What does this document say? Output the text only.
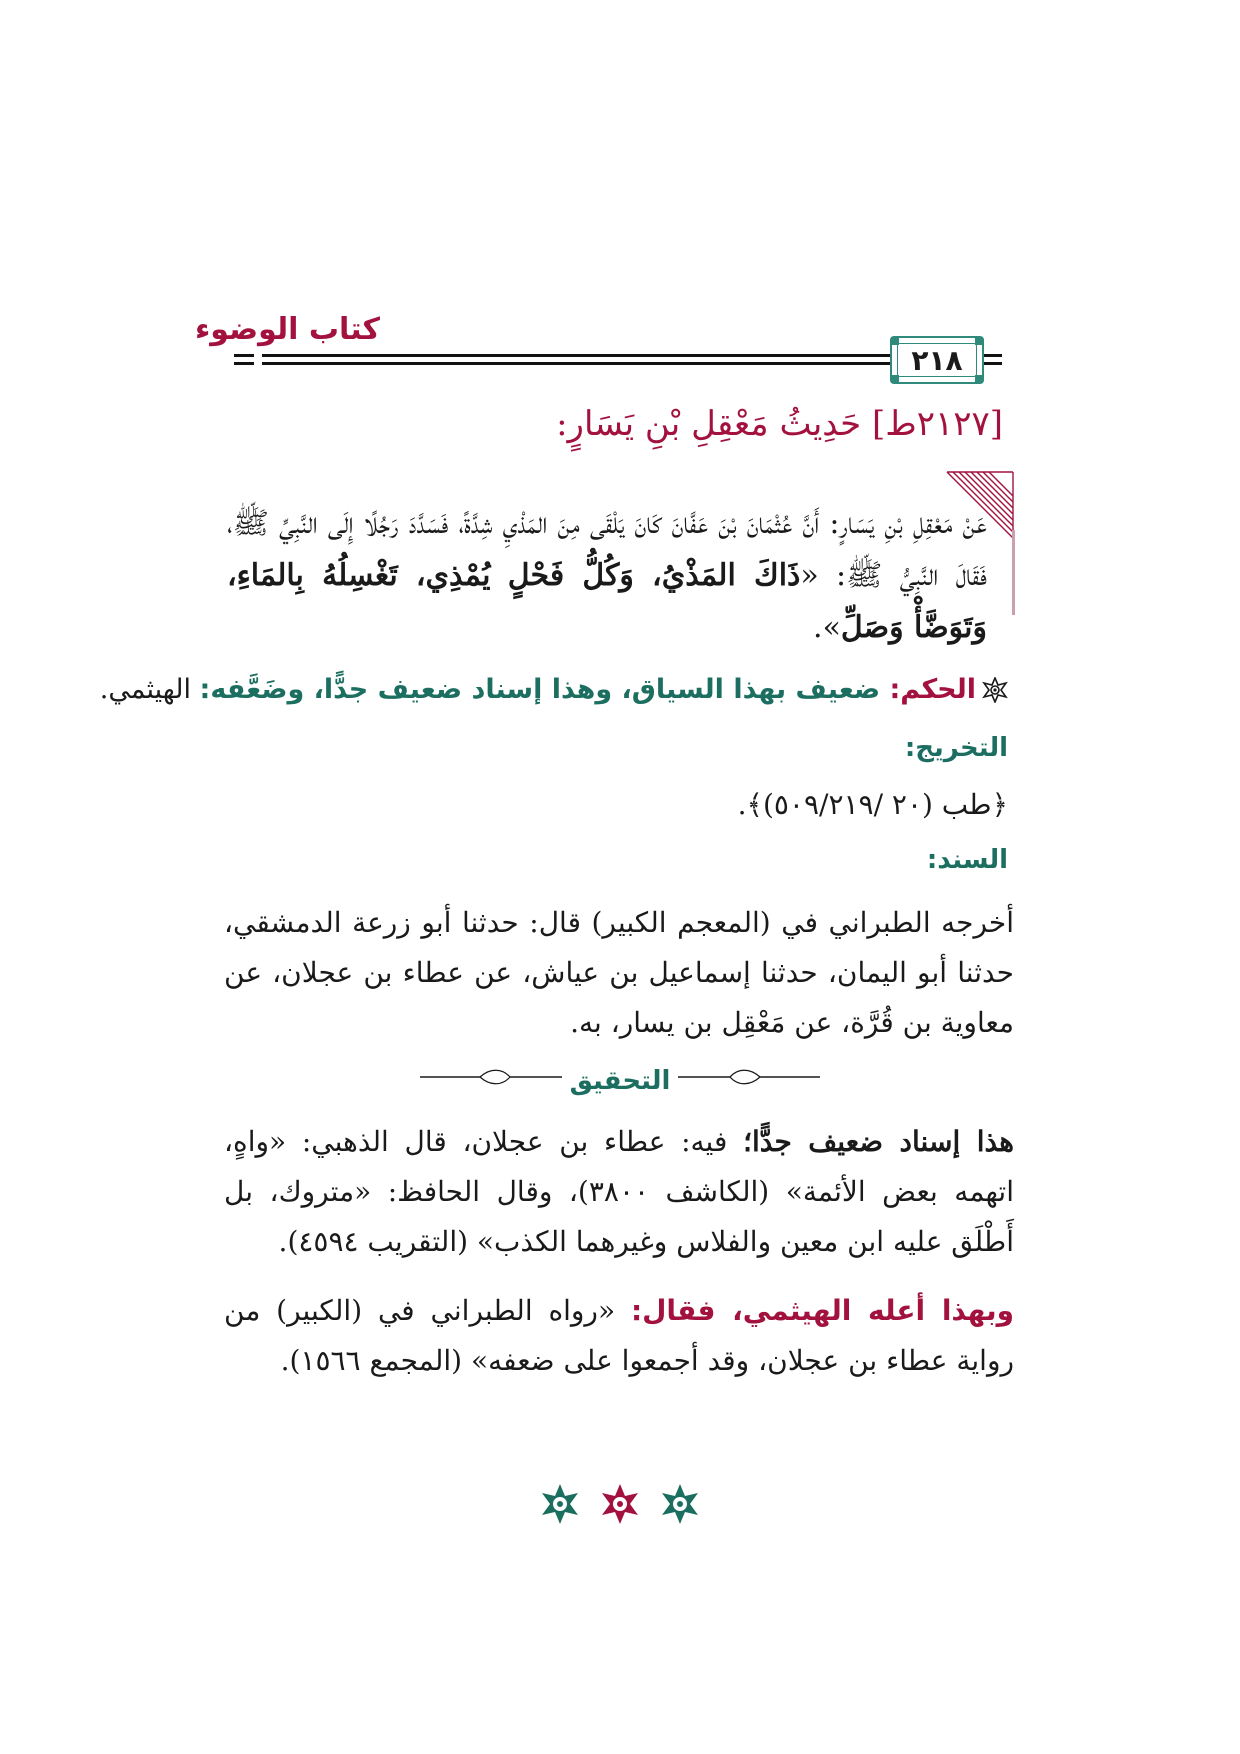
كتاب الوضوء
٢١٨
[٢١٢٧ط] حَدِيثُ مَعْقِلِ بْنِ يَسَارٍ:
عَنْ مَعْقِلِ بْنِ يَسَارٍ: أَنَّ عُثْمَانَ بْنَ عَفَّانَ كَانَ يَلْقَى مِنَ المَذْيِ شِدَّةً، فَسَدَّدَ رَجُلًا إِلَى النَّبِيِّ ﷺ، فَقَالَ النَّبِيُّ ﷺ: «ذَاكَ المَذْيُ، وَكُلُّ فَحْلٍ يُمْذِي، تَغْسِلُهُ بِالمَاءِ، وَتَوَضَّأْ وَصَلِّ».
الحكم: ضعيف بهذا السياق، وهذا إسناد ضعيف جدًّا، وضَعَّفه: الهيثمي.
التخريج:
﴿طب (٢٠ /٥٠٩/٢١٩)﴾.
السند:
أخرجه الطبراني في (المعجم الكبير) قال: حدثنا أبو زرعة الدمشقي، حدثنا أبو اليمان، حدثنا إسماعيل بن عياش، عن عطاء بن عجلان، عن معاوية بن قُرَّة، عن مَعْقِل بن يسار، به.
التحقيق
هذا إسناد ضعيف جدًّا؛ فيه: عطاء بن عجلان، قال الذهبي: «واهٍ، اتهمه بعض الأئمة» (الكاشف ٣٨٠٠)، وقال الحافظ: «متروك، بل أَطْلَق عليه ابن معين والفلاس وغيرهما الكذب» (التقريب ٤٥٩٤).
وبهذا أعله الهيثمي، فقال: «رواه الطبراني في (الكبير) من رواية عطاء بن عجلان، وقد أجمعوا على ضعفه» (المجمع ١٥٦٦).
